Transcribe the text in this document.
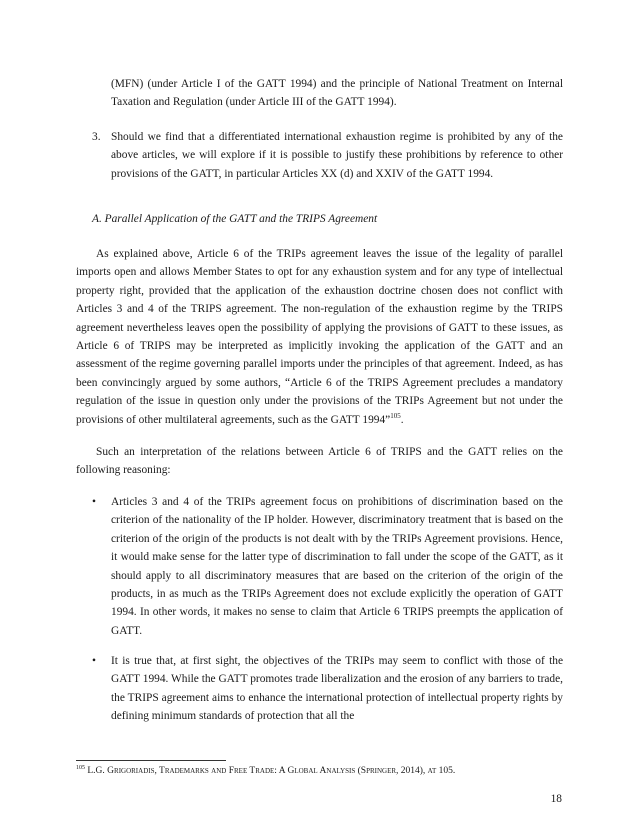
(MFN) (under Article I of the GATT 1994) and the principle of National Treatment on Internal Taxation and Regulation (under Article III of the GATT 1994).

3. Should we find that a differentiated international exhaustion regime is prohibited by any of the above articles, we will explore if it is possible to justify these prohibitions by reference to other provisions of the GATT, in particular Articles XX (d) and XXIV of the GATT 1994.

A. Parallel Application of the GATT and the TRIPS Agreement

As explained above, Article 6 of the TRIPs agreement leaves the issue of the legality of parallel imports open and allows Member States to opt for any exhaustion system and for any type of intellectual property right, provided that the application of the exhaustion doctrine chosen does not conflict with Articles 3 and 4 of the TRIPS agreement. The non-regulation of the exhaustion regime by the TRIPS agreement nevertheless leaves open the possibility of applying the provisions of GATT to these issues, as Article 6 of TRIPS may be interpreted as implicitly invoking the application of the GATT and an assessment of the regime governing parallel imports under the principles of that agreement. Indeed, as has been convincingly argued by some authors, “Article 6 of the TRIPS Agreement precludes a mandatory regulation of the issue in question only under the provisions of the TRIPs Agreement but not under the provisions of other multilateral agreements, such as the GATT 1994”$^{105}$.

Such an interpretation of the relations between Article 6 of TRIPS and the GATT relies on the following reasoning:

• Articles 3 and 4 of the TRIPs agreement focus on prohibitions of discrimination based on the criterion of the nationality of the IP holder. However, discriminatory treatment that is based on the criterion of the origin of the products is not dealt with by the TRIPs Agreement provisions. Hence, it would make sense for the latter type of discrimination to fall under the scope of the GATT, as it should apply to all discriminatory measures that are based on the criterion of the origin of the products, in as much as the TRIPs Agreement does not exclude explicitly the operation of GATT 1994. In other words, it makes no sense to claim that Article 6 TRIPS preempts the application of GATT.

• It is true that, at first sight, the objectives of the TRIPs may seem to conflict with those of the GATT 1994. While the GATT promotes trade liberalization and the erosion of any barriers to trade, the TRIPS agreement aims to enhance the international protection of intellectual property rights by defining minimum standards of protection that all the

$^{105}$ L.G. Grigoriadis, Trademarks and Free Trade: A Global Analysis (Springer, 2014), at 105.
18
